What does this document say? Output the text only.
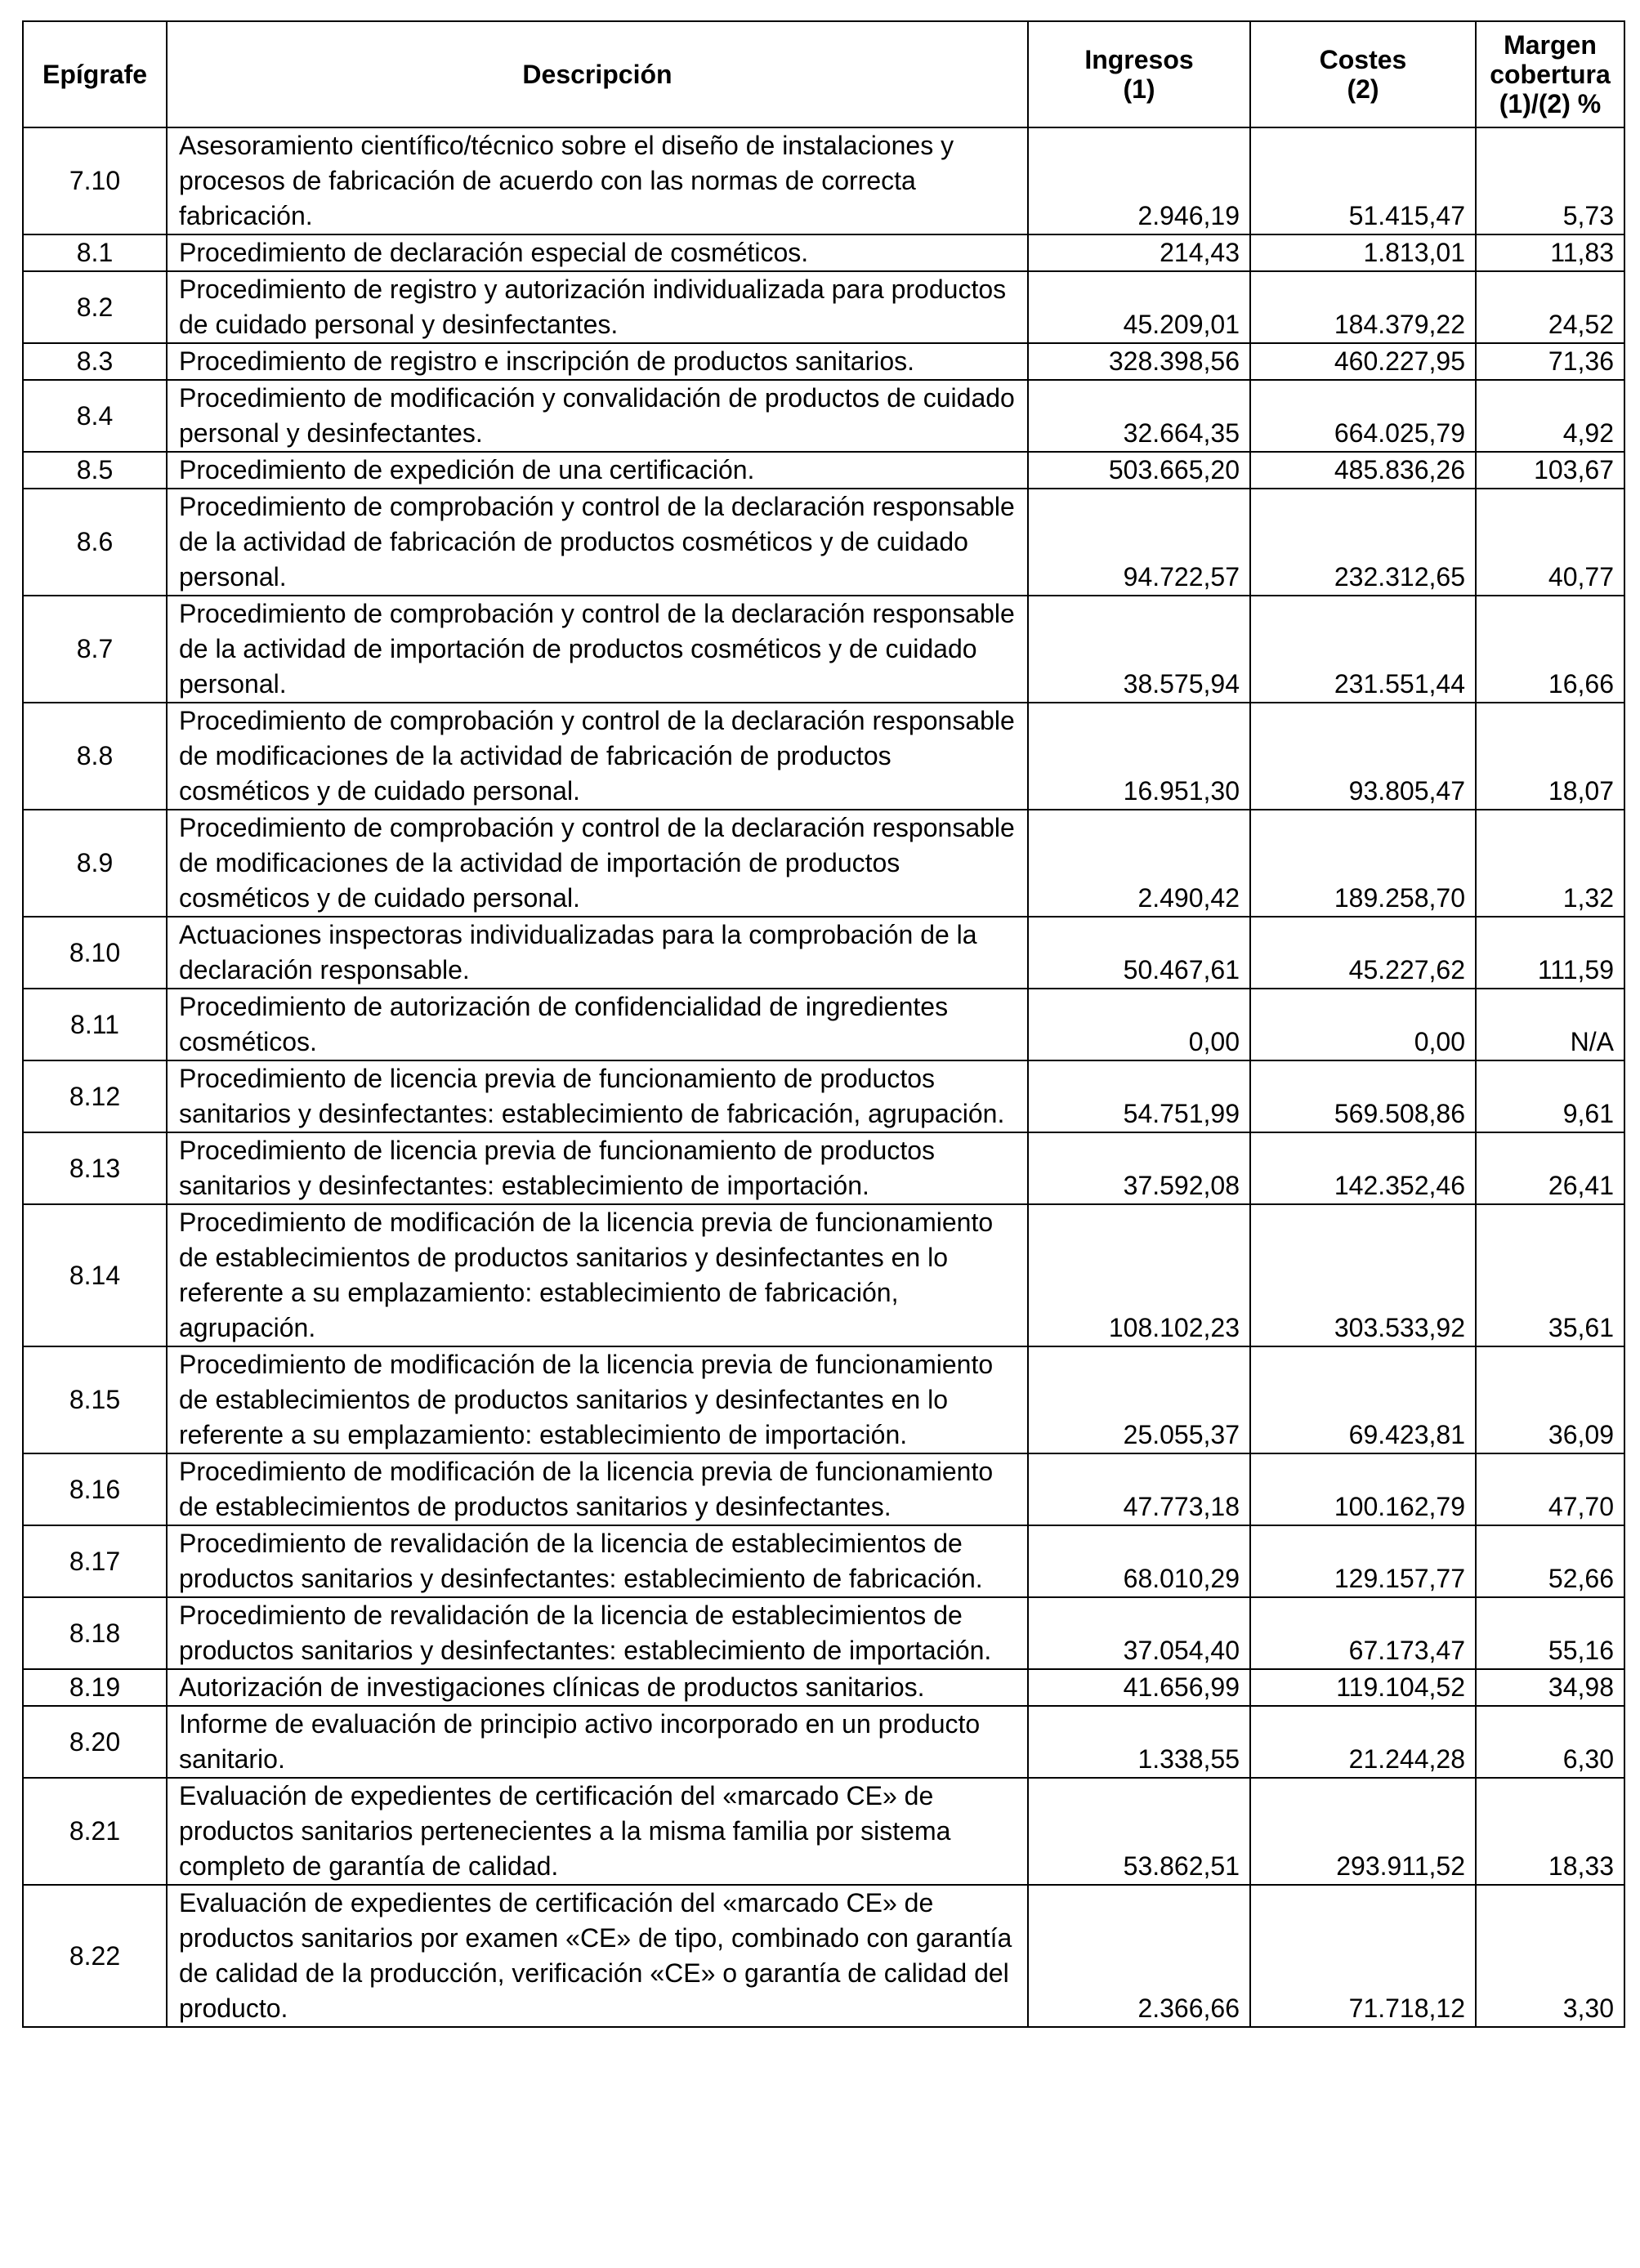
Epígrafe	Descripción	Ingresos (1)	Costes (2)	Margen cobertura (1)/(2) %
7.10	Asesoramiento científico/técnico sobre el diseño de instalaciones y procesos de fabricación de acuerdo con las normas de correcta fabricación.	2.946,19	51.415,47	5,73
8.1	Procedimiento de declaración especial de cosméticos.	214,43	1.813,01	11,83
8.2	Procedimiento de registro y autorización individualizada para productos de cuidado personal y desinfectantes.	45.209,01	184.379,22	24,52
8.3	Procedimiento de registro e inscripción de productos sanitarios.	328.398,56	460.227,95	71,36
8.4	Procedimiento de modificación y convalidación de productos de cuidado personal y desinfectantes.	32.664,35	664.025,79	4,92
8.5	Procedimiento de expedición de una certificación.	503.665,20	485.836,26	103,67
8.6	Procedimiento de comprobación y control de la declaración responsable de la actividad de fabricación de productos cosméticos y de cuidado personal.	94.722,57	232.312,65	40,77
8.7	Procedimiento de comprobación y control de la declaración responsable de la actividad de importación de productos cosméticos y de cuidado personal.	38.575,94	231.551,44	16,66
8.8	Procedimiento de comprobación y control de la declaración responsable de modificaciones de la actividad de fabricación de productos cosméticos y de cuidado personal.	16.951,30	93.805,47	18,07
8.9	Procedimiento de comprobación y control de la declaración responsable de modificaciones de la actividad de importación de productos cosméticos y de cuidado personal.	2.490,42	189.258,70	1,32
8.10	Actuaciones inspectoras individualizadas para la comprobación de la declaración responsable.	50.467,61	45.227,62	111,59
8.11	Procedimiento de autorización de confidencialidad de ingredientes cosméticos.	0,00	0,00	N/A
8.12	Procedimiento de licencia previa de funcionamiento de productos sanitarios y desinfectantes: establecimiento de fabricación, agrupación.	54.751,99	569.508,86	9,61
8.13	Procedimiento de licencia previa de funcionamiento de productos sanitarios y desinfectantes: establecimiento de importación.	37.592,08	142.352,46	26,41
8.14	Procedimiento de modificación de la licencia previa de funcionamiento de establecimientos de productos sanitarios y desinfectantes en lo referente a su emplazamiento: establecimiento de fabricación, agrupación.	108.102,23	303.533,92	35,61
8.15	Procedimiento de modificación de la licencia previa de funcionamiento de establecimientos de productos sanitarios y desinfectantes en lo referente a su emplazamiento: establecimiento de importación.	25.055,37	69.423,81	36,09
8.16	Procedimiento de modificación de la licencia previa de funcionamiento de establecimientos de productos sanitarios y desinfectantes.	47.773,18	100.162,79	47,70
8.17	Procedimiento de revalidación de la licencia de establecimientos de productos sanitarios y desinfectantes: establecimiento de fabricación.	68.010,29	129.157,77	52,66
8.18	Procedimiento de revalidación de la licencia de establecimientos de productos sanitarios y desinfectantes: establecimiento de importación.	37.054,40	67.173,47	55,16
8.19	Autorización de investigaciones clínicas de productos sanitarios.	41.656,99	119.104,52	34,98
8.20	Informe de evaluación de principio activo incorporado en un producto sanitario.	1.338,55	21.244,28	6,30
8.21	Evaluación de expedientes de certificación del «marcado CE» de productos sanitarios pertenecientes a la misma familia por sistema completo de garantía de calidad.	53.862,51	293.911,52	18,33
8.22	Evaluación de expedientes de certificación del «marcado CE» de productos sanitarios por examen «CE» de tipo, combinado con garantía de calidad de la producción, verificación «CE» o garantía de calidad del producto.	2.366,66	71.718,12	3,30
